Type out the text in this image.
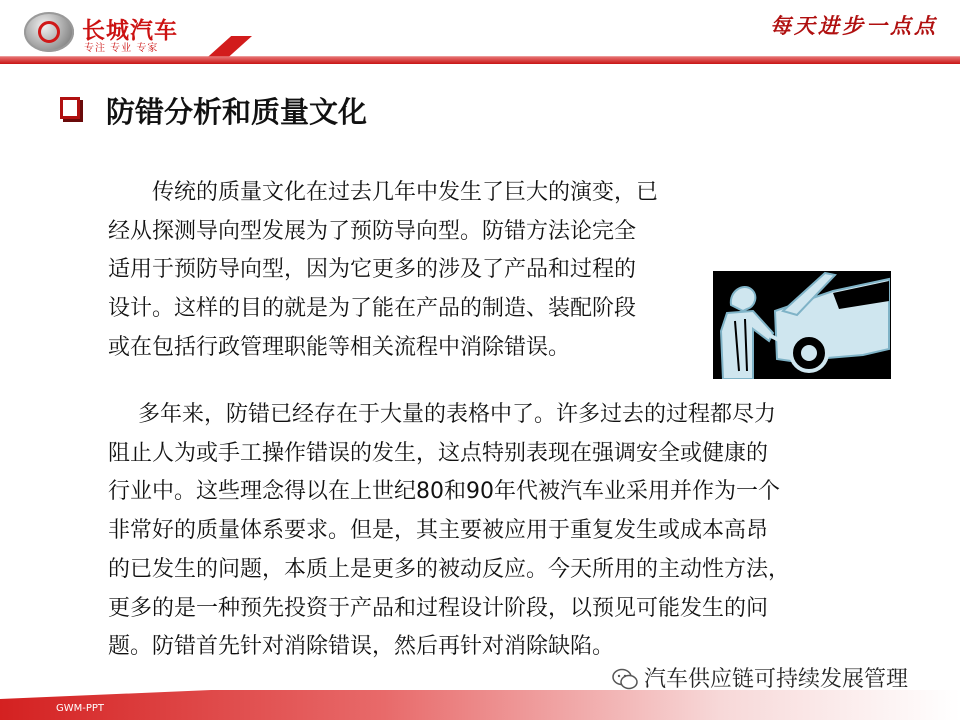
长城汽车
专注 专业 专家
每天进步一点点
防错分析和质量文化
传统的质量文化在过去几年中发生了巨大的演变，已
经从探测导向型发展为了预防导向型。防错方法论完全
适用于预防导向型，因为它更多的涉及了产品和过程的
设计。这样的目的就是为了能在产品的制造、装配阶段
或在包括行政管理职能等相关流程中消除错误。
多年来，防错已经存在于大量的表格中了。许多过去的过程都尽力
阻止人为或手工操作错误的发生，这点特别表现在强调安全或健康的
行业中。这些理念得以在上世纪80和90年代被汽车业采用并作为一个
非常好的质量体系要求。但是，其主要被应用于重复发生或成本高昂
的已发生的问题，本质上是更多的被动反应。今天所用的主动性方法，
更多的是一种预先投资于产品和过程设计阶段，以预见可能发生的问
题。防错首先针对消除错误，然后再针对消除缺陷。
GWM-PPT
汽车供应链可持续发展管理
